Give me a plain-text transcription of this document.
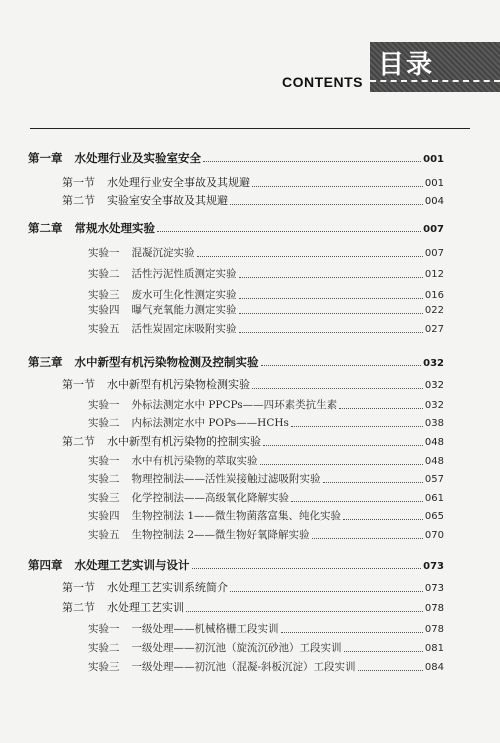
目录
CONTENTS
第一章	水处理行业及实验室安全	001
第一节	水处理行业安全事故及其规避	001
第二节	实验室安全事故及其规避	004
第二章	常规水处理实验	007
实验一	混凝沉淀实验	007
实验二	活性污泥性质测定实验	012
实验三	废水可生化性测定实验	016
实验四	曝气充氧能力测定实验	022
实验五	活性炭固定床吸附实验	027
第三章	水中新型有机污染物检测及控制实验	032
第一节	水中新型有机污染物检测实验	032
实验一	外标法测定水中 PPCPs——四环素类抗生素	032
实验二	内标法测定水中 POPs——HCHs	038
第二节	水中新型有机污染物的控制实验	048
实验一	水中有机污染物的萃取实验	048
实验二	物理控制法——活性炭接触过滤吸附实验	057
实验三	化学控制法——高级氧化降解实验	061
实验四	生物控制法 1——微生物菌落富集、纯化实验	065
实验五	生物控制法 2——微生物好氧降解实验	070
第四章	水处理工艺实训与设计	073
第一节	水处理工艺实训系统简介	073
第二节	水处理工艺实训	078
实验一	一级处理——机械格栅工段实训	078
实验二	一级处理——初沉池（旋流沉砂池）工段实训	081
实验三	一级处理——初沉池（混凝-斜板沉淀）工段实训	084
